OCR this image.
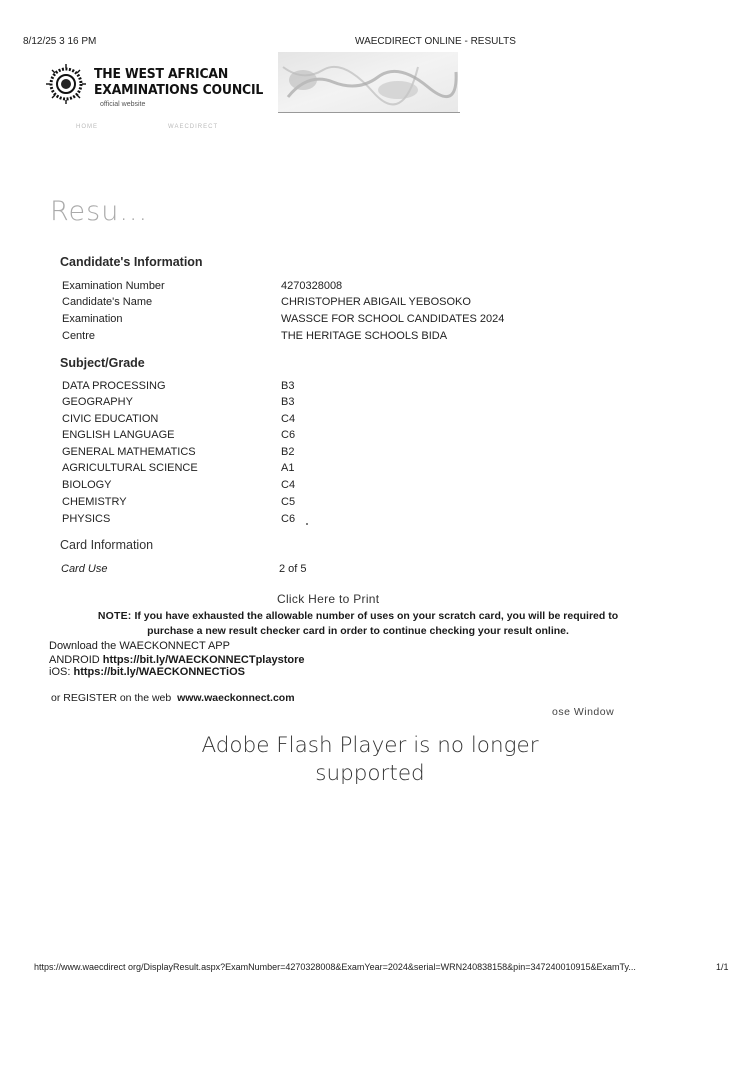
8/12/25 3 16 PM	WAECDIRECT ONLINE - RESULTS
THE WEST AFRICAN
EXAMINATIONS COUNCIL
official website
HOME	WAECDIRECT
Resu...
Candidate's Information
Examination Number	4270328008
Candidate's Name	CHRISTOPHER ABIGAIL YEBOSOKO
Examination	WASSCE FOR SCHOOL CANDIDATES 2024
Centre	THE HERITAGE SCHOOLS BIDA
Subject/Grade
DATA PROCESSING	B3
GEOGRAPHY	B3
CIVIC EDUCATION	C4
ENGLISH LANGUAGE	C6
GENERAL MATHEMATICS	B2
AGRICULTURAL SCIENCE	A1
BIOLOGY	C4
CHEMISTRY	C5
PHYSICS	C6
Card Information
Card Use	2 of 5
Click Here to Print
NOTE: If you have exhausted the allowable number of uses on your scratch card, you will be required to
purchase a new result checker card in order to continue checking your result online.
Download the WAECKONNECT APP
ANDROID https://bit.ly/WAECKONNECTplaystore
iOS: https://bit.ly/WAECKONNECTiOS
or REGISTER on the web www.waeckonnect.com
ose Window
Adobe Flash Player is no longer
supported
https://www.waecdirect org/DisplayResult.aspx?ExamNumber=4270328008&ExamYear=2024&serial=WRN240838158&pin=347240010915&ExamTy...	1/1
